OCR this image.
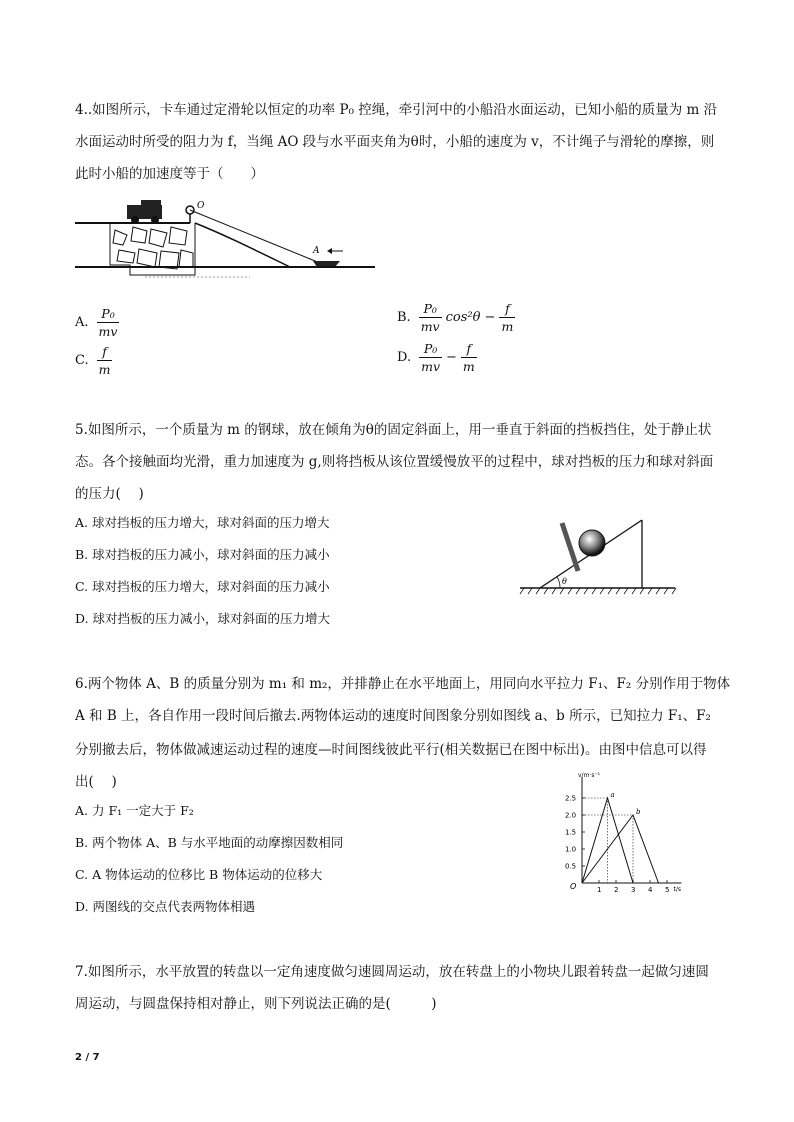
4..如图所示，卡车通过定滑轮以恒定的功率 P₀ 控绳，牵引河中的小船沿水面运动，已知小船的质量为 m 沿
水面运动时所受的阻力为 f，当绳 AO 段与水平面夹角为θ时，小船的速度为 v，不计绳子与滑轮的摩擦，则
此时小船的加速度等于（　　）
O
A
A. $\frac{\text{P₀}}{mv}$	B. $\frac{\text{P₀}}{mv} \cos^2\theta - \frac{f}{m}$
C. $\frac{f}{m}$	D. $\frac{\text{P₀}}{mv} - \frac{f}{m}$
5.如图所示，一个质量为 m 的钢球，放在倾角为θ的固定斜面上，用一垂直于斜面的挡板挡住，处于静止状
态。各个接触面均光滑，重力加速度为 g,则将挡板从该位置缓慢放平的过程中，球对挡板的压力和球对斜面
的压力(　 )
A. 球对挡板的压力增大，球对斜面的压力增大
B. 球对挡板的压力减小，球对斜面的压力减小
C. 球对挡板的压力增大，球对斜面的压力减小
D. 球对挡板的压力减小，球对斜面的压力增大
θ
6.两个物体 A、B 的质量分别为 m₁ 和 m₂，并排静止在水平地面上，用同向水平拉力 F₁、F₂ 分别作用于物体
A 和 B 上，各自作用一段时间后撤去.两物体运动的速度时间图象分别如图线 a、b 所示，已知拉力 F₁、F₂
分别撤去后，物体做减速运动过程的速度—时间图线彼此平行(相关数据已在图中标出)。由图中信息可以得
出(　 )
A. 力 F₁ 一定大于 F₂
B. 两个物体 A、B 与水平地面的动摩擦因数相同
C. A 物体运动的位移比 B 物体运动的位移大
D. 两图线的交点代表两物体相遇
O
v/m·s⁻¹
t/s
1 2 3 4 5
0.5
1.0
1.5
2.0
2.5	a
b
7.如图所示，水平放置的转盘以一定角速度做匀速圆周运动，放在转盘上的小物块儿跟着转盘一起做匀速圆
周运动，与圆盘保持相对静止，则下列说法正确的是(　　　)
2 / 7
